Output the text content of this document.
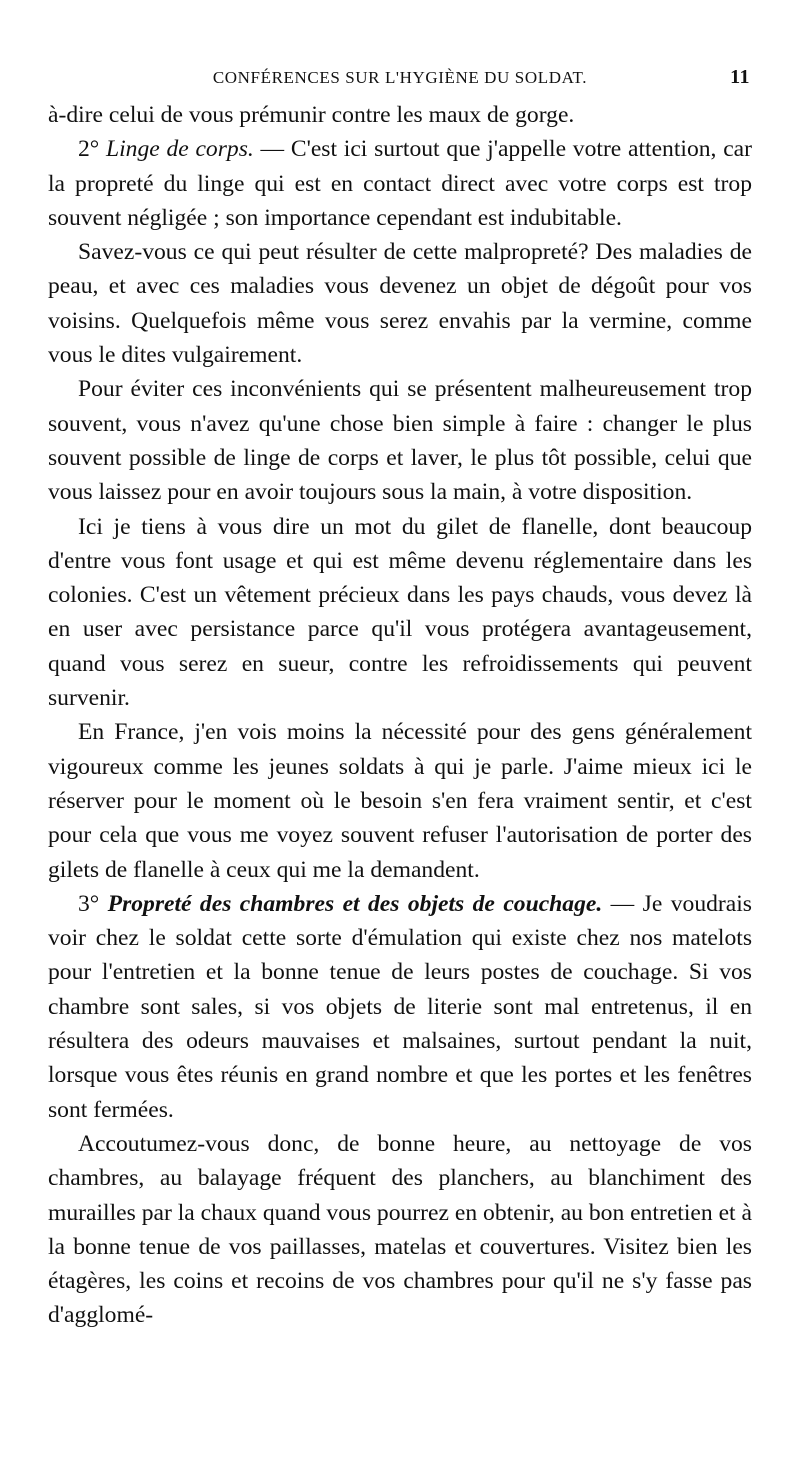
CONFÉRENCES SUR L'HYGIÈNE DU SOLDAT.	11

à-dire celui de vous prémunir contre les maux de gorge.

2° Linge de corps. — C'est ici surtout que j'appelle votre attention, car la propreté du linge qui est en contact direct avec votre corps est trop souvent négligée ; son importance cependant est indubitable.

Savez-vous ce qui peut résulter de cette malpropreté? Des maladies de peau, et avec ces maladies vous devenez un objet de dégoût pour vos voisins. Quelquefois même vous serez envahis par la vermine, comme vous le dites vulgairement.

Pour éviter ces inconvénients qui se présentent malheureusement trop souvent, vous n'avez qu'une chose bien simple à faire : changer le plus souvent possible de linge de corps et laver, le plus tôt possible, celui que vous laissez pour en avoir toujours sous la main, à votre disposition.

Ici je tiens à vous dire un mot du gilet de flanelle, dont beaucoup d'entre vous font usage et qui est même devenu réglementaire dans les colonies. C'est un vêtement précieux dans les pays chauds, vous devez là en user avec persistance parce qu'il vous protégera avantageusement, quand vous serez en sueur, contre les refroidissements qui peuvent survenir.

En France, j'en vois moins la nécessité pour des gens généralement vigoureux comme les jeunes soldats à qui je parle. J'aime mieux ici le réserver pour le moment où le besoin s'en fera vraiment sentir, et c'est pour cela que vous me voyez souvent refuser l'autorisation de porter des gilets de flanelle à ceux qui me la demandent.

3° Propreté des chambres et des objets de couchage. — Je voudrais voir chez le soldat cette sorte d'émulation qui existe chez nos matelots pour l'entretien et la bonne tenue de leurs postes de couchage. Si vos chambre sont sales, si vos objets de literie sont mal entretenus, il en résultera des odeurs mauvaises et malsaines, surtout pendant la nuit, lorsque vous êtes réunis en grand nombre et que les portes et les fenêtres sont fermées.

Accoutumez-vous donc, de bonne heure, au nettoyage de vos chambres, au balayage fréquent des planchers, au blanchiment des murailles par la chaux quand vous pourrez en obtenir, au bon entretien et à la bonne tenue de vos paillasses, matelas et couvertures. Visitez bien les étagères, les coins et recoins de vos chambres pour qu'il ne s'y fasse pas d'agglomé-
